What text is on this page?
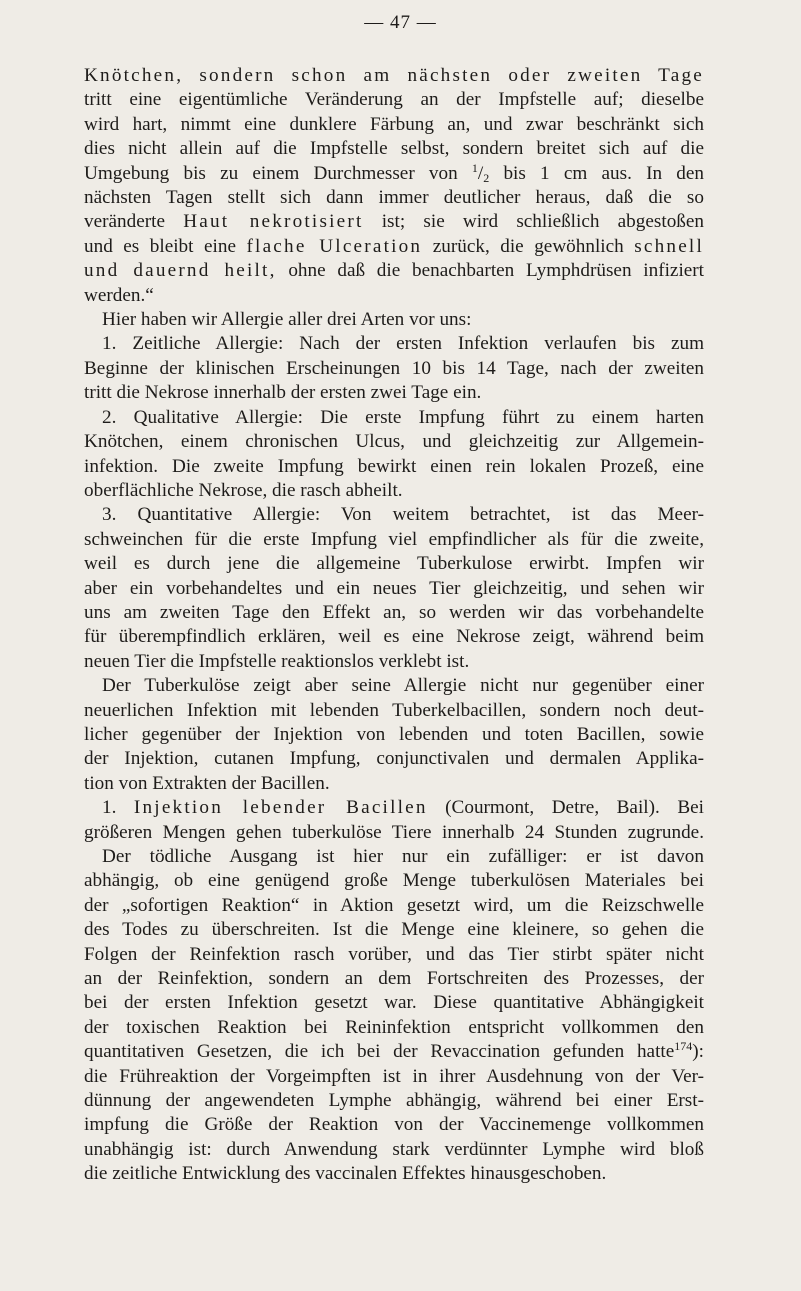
— 47 —
Knötchen, sondern schon am nächsten oder zweiten Tage
tritt eine eigentümliche Veränderung an der Impfstelle auf; dieselbe
wird hart, nimmt eine dunklere Färbung an, und zwar beschränkt sich
dies nicht allein auf die Impfstelle selbst, sondern breitet sich auf die
Umgebung bis zu einem Durchmesser von $^1$/2 bis 1 cm aus. In den
nächsten Tagen stellt sich dann immer deutlicher heraus, daß die so
veränderte Haut nekrotisiert ist; sie wird schließlich abgestoßen
und es bleibt eine flache Ulceration zurück, die gewöhnlich schnell
und dauernd heilt, ohne daß die benachbarten Lymphdrüsen infiziert
werden.“
Hier haben wir Allergie aller drei Arten vor uns:
1. Zeitliche Allergie: Nach der ersten Infektion verlaufen bis zum
Beginne der klinischen Erscheinungen 10 bis 14 Tage, nach der zweiten
tritt die Nekrose innerhalb der ersten zwei Tage ein.
2. Qualitative Allergie: Die erste Impfung führt zu einem harten
Knötchen, einem chronischen Ulcus, und gleichzeitig zur Allgemein-
infektion. Die zweite Impfung bewirkt einen rein lokalen Prozeß, eine
oberflächliche Nekrose, die rasch abheilt.
3. Quantitative Allergie: Von weitem betrachtet, ist das Meer-
schweinchen für die erste Impfung viel empfindlicher als für die zweite,
weil es durch jene die allgemeine Tuberkulose erwirbt. Impfen wir
aber ein vorbehandeltes und ein neues Tier gleichzeitig, und sehen wir
uns am zweiten Tage den Effekt an, so werden wir das vorbehandelte
für überempfindlich erklären, weil es eine Nekrose zeigt, während beim
neuen Tier die Impfstelle reaktionslos verklebt ist.
Der Tuberkulöse zeigt aber seine Allergie nicht nur gegenüber einer
neuerlichen Infektion mit lebenden Tuberkelbacillen, sondern noch deut-
licher gegenüber der Injektion von lebenden und toten Bacillen, sowie
der Injektion, cutanen Impfung, conjunctivalen und dermalen Applika-
tion von Extrakten der Bacillen.
1. Injektion lebender Bacillen (Courmont, Detre, Bail). Bei
größeren Mengen gehen tuberkulöse Tiere innerhalb 24 Stunden zugrunde.
Der tödliche Ausgang ist hier nur ein zufälliger: er ist davon
abhängig, ob eine genügend große Menge tuberkulösen Materiales bei
der „sofortigen Reaktion“ in Aktion gesetzt wird, um die Reizschwelle
des Todes zu überschreiten. Ist die Menge eine kleinere, so gehen die
Folgen der Reinfektion rasch vorüber, und das Tier stirbt später nicht
an der Reinfektion, sondern an dem Fortschreiten des Prozesses, der
bei der ersten Infektion gesetzt war. Diese quantitative Abhängigkeit
der toxischen Reaktion bei Reininfektion entspricht vollkommen den
quantitativen Gesetzen, die ich bei der Revaccination gefunden hatte$^{174}$):
die Frühreaktion der Vorgeimpften ist in ihrer Ausdehnung von der Ver-
dünnung der angewendeten Lymphe abhängig, während bei einer Erst-
impfung die Größe der Reaktion von der Vaccinemenge vollkommen
unabhängig ist: durch Anwendung stark verdünnter Lymphe wird bloß
die zeitliche Entwicklung des vaccinalen Effektes hinausgeschoben.
